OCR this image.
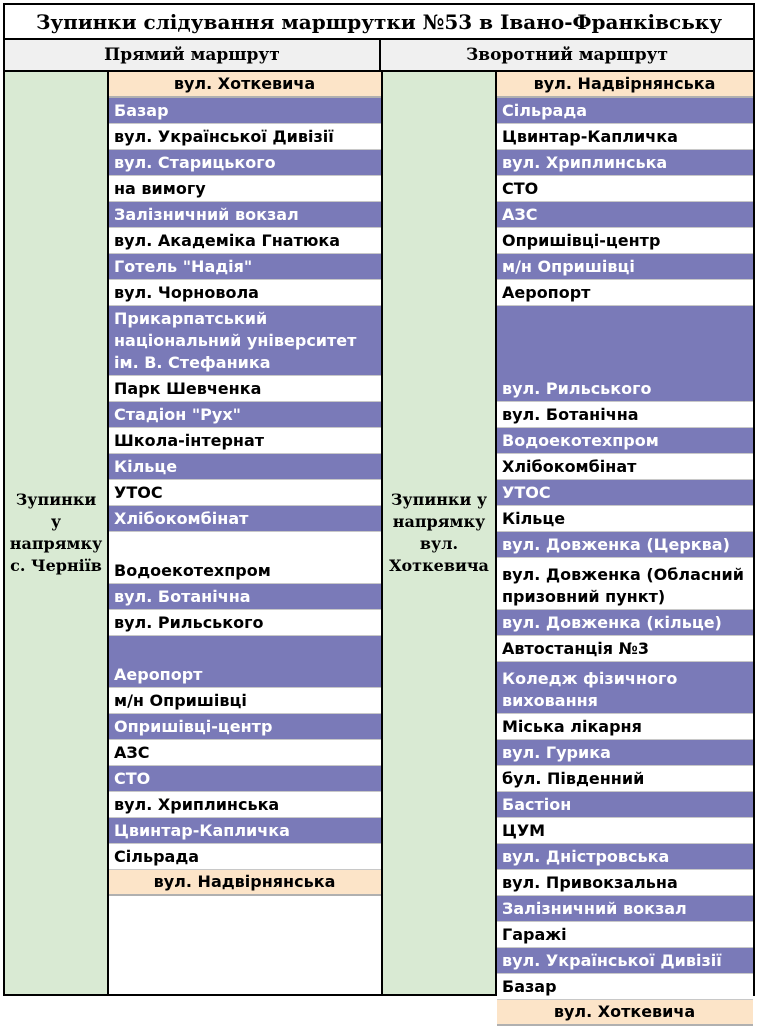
Зупинки слідування маршрутки №53 в Івано-Франківську
Прямий маршрут	Зворотний маршрут
Зупинки у напрямку с. Чернiїв
вул. Хоткевича
Базар
вул. Української Дивізії
вул. Старицького
на вимогу
Залізничний вокзал
вул. Академіка Гнатюка
Готель "Надія"
вул. Чорновола
Прикарпатський національний університет ім. В. Стефаника
Парк Шевченка
Стадіон "Рух"
Школа-інтернат
Кільце
УТОС
Хлібокомбінат
Водоекотехпром
вул. Ботанічна
вул. Рильського
Аеропорт
м/н Опришівці
Опришівці-центр
АЗС
СТО
вул. Хриплинська
Цвинтар-Капличка
Сільрада
вул. Надвірнянська
Зупинки у напрямку вул. Хоткевича
вул. Надвірнянська
Сільрада
Цвинтар-Капличка
вул. Хриплинська
СТО
АЗС
Опришівці-центр
м/н Опришівці
Аеропорт
вул. Рильського
вул. Ботанічна
Водоекотехпром
Хлібокомбінат
УТОС
Кільце
вул. Довженка (Церква)
вул. Довженка (Обласний призовний пункт)
вул. Довженка (кільце)
Автостанція №3
Коледж фізичного виховання
Міська лікарня
вул. Гурика
бул. Південний
Бастіон
ЦУМ
вул. Дністровська
вул. Привокзальна
Залізничний вокзал
Гаражі
вул. Української Дивізії
Базар
вул. Хоткевича
